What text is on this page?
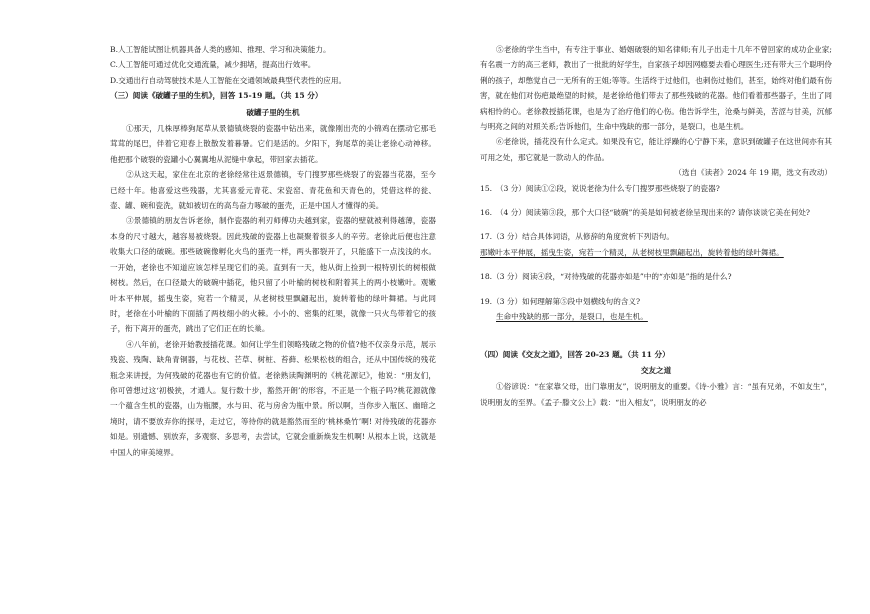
B.人工智能试图让机器具备人类的感知、推理、学习和决策能力。

C.人工智能可通过优化交通流量，减少拥堵，提高出行效率。

D.交通出行自动驾驶技术是人工智能在交通领域最典型代表性的应用。

（三）阅读《破罐子里的生机》，回答 15-19 题。（共 15 分）

破罐子里的生机

①那天，几株厚棒狗尾草从景德镇烧裂的瓷器中钻出来，就像刚出壳的小锦鸡在摆动它那毛茸茸的尾巴，伴着它迎春上散散发着暮暑。它们是活的。夕阳下，狗尾草的美让老徐心动神移。他把那个破裂的瓷罐小心翼翼地从泥缝中拿起，带回家去插花。

②从这天起，家住在北京的老徐经常往返景德镇，专门搜罗那些烧裂了的瓷器当花器，至今已经十年。他喜爱这些残器，尤其喜爱元青花、宋瓷窑、青花鱼和天青色的，凭借这样的瓮、壶、罐、碗和瓷洗，就如被切在的高鸟奋力啄破的蛋壳，正是中国人才懂得的美。

③景德镇的朋友告诉老徐，制作瓷器的利刃师傅功夫越到家，瓷器的壁就被利得越薄，瓷器本身的尺寸越大，越容易被烧裂。因此残破的瓷器上也凝聚着很多人的辛劳。老徐此后便也注意收集大口径的破碗。那些破碗像孵化火鸟的蛋壳一样，两头都裂开了，只能盛下一点浅浅的水。一开始，老徐也不知道应该怎样呈现它们的美。直到有一天，他从街上捡到一根特别长的树根做树枝。然后，在口径最大的破碗中插花，他只留了小叶榆的树枝和附着其上的两小枝嫩叶。观嫩叶本平伸展，摇曳生姿，宛若一个精灵，从老树枝里飘翩起出，旋转着他的绿叶舞裙。与此同时，老徐在小叶榆的下面插了两枝细小的火棘。小小的、密集的红果，就像一只火鸟带着它的孩子，衔下离开的蛋壳，跳出了它们正在的长巢。

④八年前，老徐开始教授插花课。如何让学生们领略残破之物的价值?他不仅亲身示范，展示残瓷、残陶、缺角青铜器，与花枝、芒草、树桩、苔藓、松果松枝的组合，还从中国传统的残花瓶念来讲授，为何残破的花器也有它的价值。老徐熟读陶渊明的《桃花源记》，他说：“朋友们，你可曾想过这‘初极狭，才通人。复行数十步，豁然开朗’的形容，不正是一个瓶子吗?桃花源就像一个蕴含生机的瓷器，山为瓶腰，水与田、花与房舍为瓶中景。所以啊，当你步入瓶区、幽暗之境时，请不要放弃你的探寻，走过它，等待你的就是豁然而至的‘桃林桑竹’啊! 对待残破的花器亦如是。别遗憾、别放弃，多观察、多思考，去尝试，它就会重新焕发生机啊! 从根本上说，这就是中国人的审美境界。

⑤老徐的学生当中，有专注于事业、婚姻破裂的知名律师;有儿子出走十几年不曾回家的成功企业家;有名震一方的高三老师，教出了一批批的好学生，自家孩子却因网瘾要去看心理医生;还有带大三个聪明伶俐的孩子，却憋觉自己一无所有的王姐;等等。生活终于过他们，也刺伤过他们，甚至，始终对他们最有伤害，就在他们对伤疤最绝望的时候，是老徐给他们带去了那些残破的花器。他们看着那些器子，生出了同病相怜的心。老徐教授插花课，也是为了治疗他们的心伤。他告诉学生，沧桑与鲜美，苦涩与甘美，沉郁与明亮之间的对照关系;告诉他们，生命中残缺的那一部分，是裂口，也是生机。

⑥老徐说，插花没有什么定式。如果没有它，能让浮躁的心宁静下来，意识到破罐子在这世间亦有其可用之处，那它就是一款动人的作品。

（选自《读者》2024 年 19 期，选文有改动）

15.　（3 分）阅读①②段，说说老徐为什么专门搜罗那些烧裂了的瓷器?

16.　（4 分）阅读第③段，那个大口径“破碗”的美是如何被老徐呈现出来的? 请你谈谈它美在何处?

17.（3 分）结合具体词语，从修辞的角度赏析下列语句。

那嫩叶本平伸展，摇曳生姿，宛若一个精灵，从老树枝里飘翩起出，旋转着他的绿叶舞裙。

18.（3 分）阅读④段，“对待残破的花器亦如是”中的“亦如是”指的是什么?

19.（3 分）如何理解第⑤段中划横线句的含义?

生命中残缺的那一部分，是裂口，也是生机。

（四）阅读《交友之道》，回答 20-23 题。（共 11 分）

交友之道

①俗谚说：“在家靠父母，出门靠朋友”，说明朋友的重要。《诗·小雅》言：“虽有兄弟，不如友生”，说明朋友的至界。《孟子·滕文公上》载：“出入相友”，说明朋友的必
